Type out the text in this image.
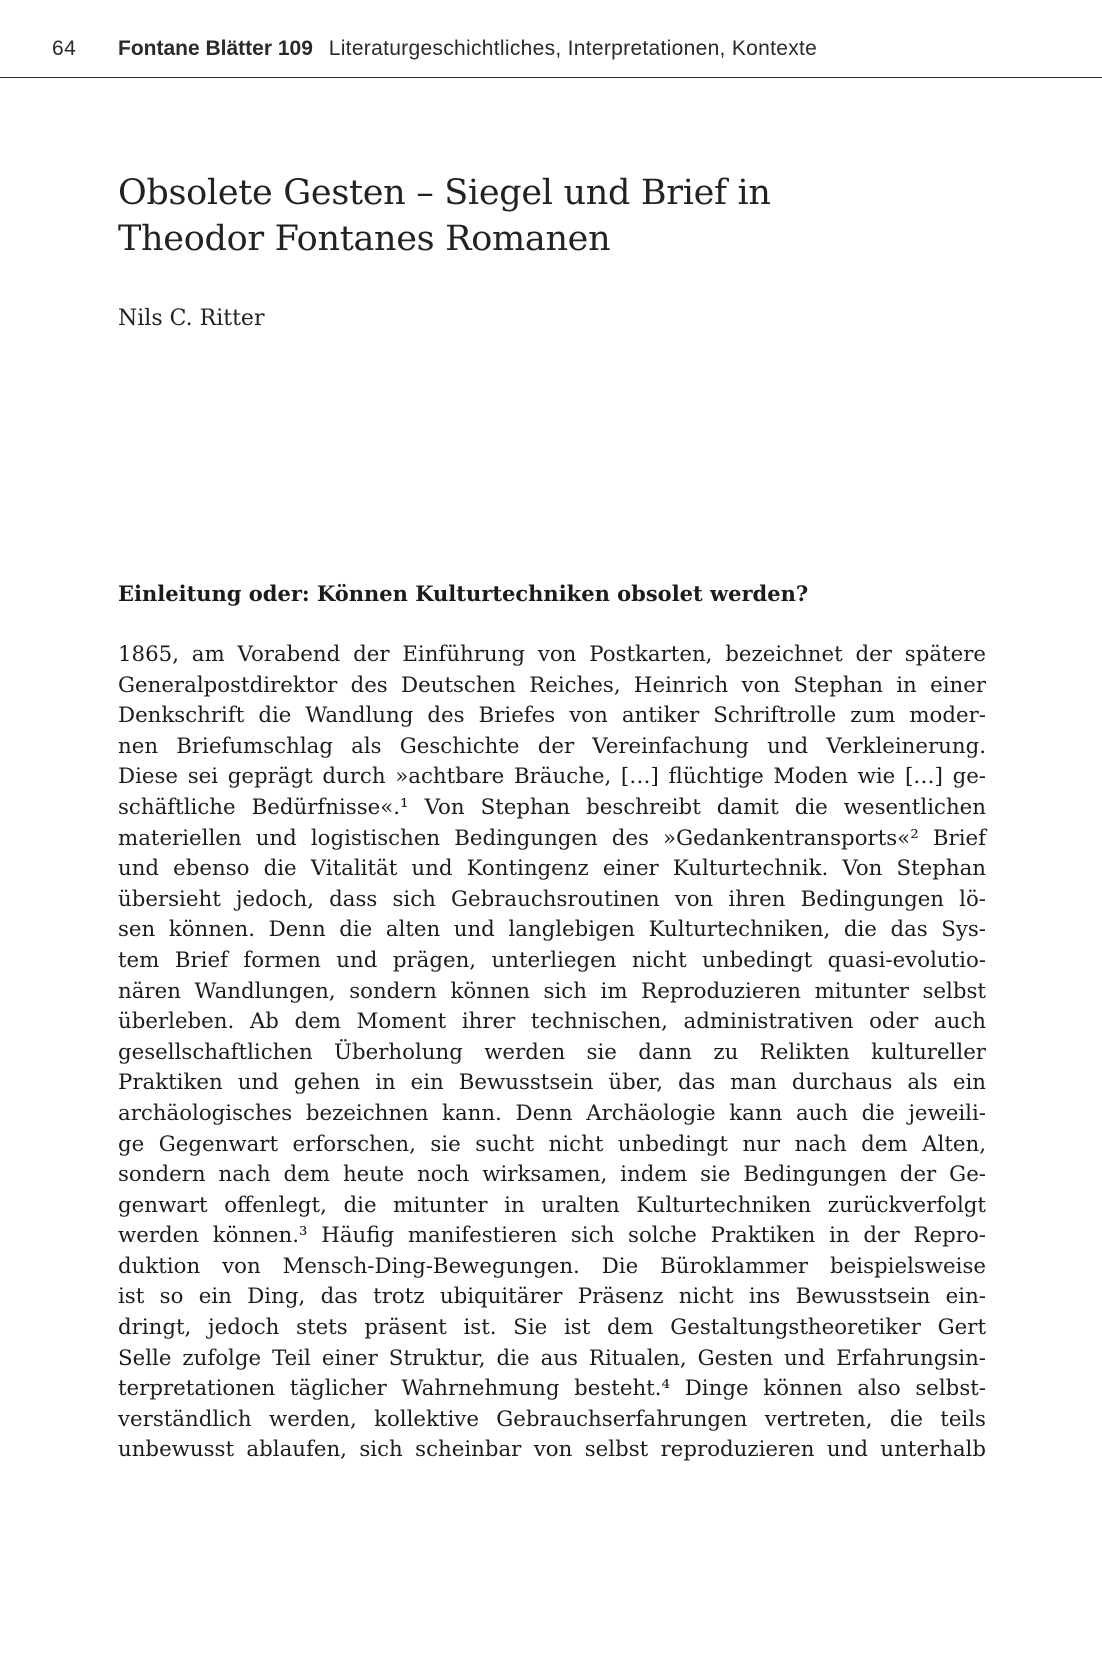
64 Fontane Blätter 109 Literaturgeschichtliches, Interpretationen, Kontexte
Obsolete Gesten – Siegel und Brief in
Theodor Fontanes Romanen
Nils C. Ritter
Einleitung oder: Können Kulturtechniken obsolet werden?
1865, am Vorabend der Einführung von Postkarten, bezeichnet der spätere
Generalpostdirektor des Deutschen Reiches, Heinrich von Stephan in einer
Denkschrift die Wandlung des Briefes von antiker Schriftrolle zum moder-
nen Briefumschlag als Geschichte der Vereinfachung und Verkleinerung.
Diese sei geprägt durch »achtbare Bräuche, […] flüchtige Moden wie […] ge-
schäftliche Bedürfnisse«.¹ Von Stephan beschreibt damit die wesentlichen
materiellen und logistischen Bedingungen des »Gedankentransports«² Brief
und ebenso die Vitalität und Kontingenz einer Kulturtechnik. Von Stephan
übersieht jedoch, dass sich Gebrauchsroutinen von ihren Bedingungen lö-
sen können. Denn die alten und langlebigen Kulturtechniken, die das Sys-
tem Brief formen und prägen, unterliegen nicht unbedingt quasi-evolutio-
nären Wandlungen, sondern können sich im Reproduzieren mitunter selbst
überleben. Ab dem Moment ihrer technischen, administrativen oder auch
gesellschaftlichen Überholung werden sie dann zu Relikten kultureller
Praktiken und gehen in ein Bewusstsein über, das man durchaus als ein
archäologisches bezeichnen kann. Denn Archäologie kann auch die jeweili-
ge Gegenwart erforschen, sie sucht nicht unbedingt nur nach dem Alten,
sondern nach dem heute noch wirksamen, indem sie Bedingungen der Ge-
genwart offenlegt, die mitunter in uralten Kulturtechniken zurückverfolgt
werden können.³ Häufig manifestieren sich solche Praktiken in der Repro-
duktion von Mensch-Ding-Bewegungen. Die Büroklammer beispielsweise
ist so ein Ding, das trotz ubiquitärer Präsenz nicht ins Bewusstsein ein-
dringt, jedoch stets präsent ist. Sie ist dem Gestaltungstheoretiker Gert
Selle zufolge Teil einer Struktur, die aus Ritualen, Gesten und Erfahrungsin-
terpretationen täglicher Wahrnehmung besteht.⁴ Dinge können also selbst-
verständlich werden, kollektive Gebrauchserfahrungen vertreten, die teils
unbewusst ablaufen, sich scheinbar von selbst reproduzieren und unterhalb
